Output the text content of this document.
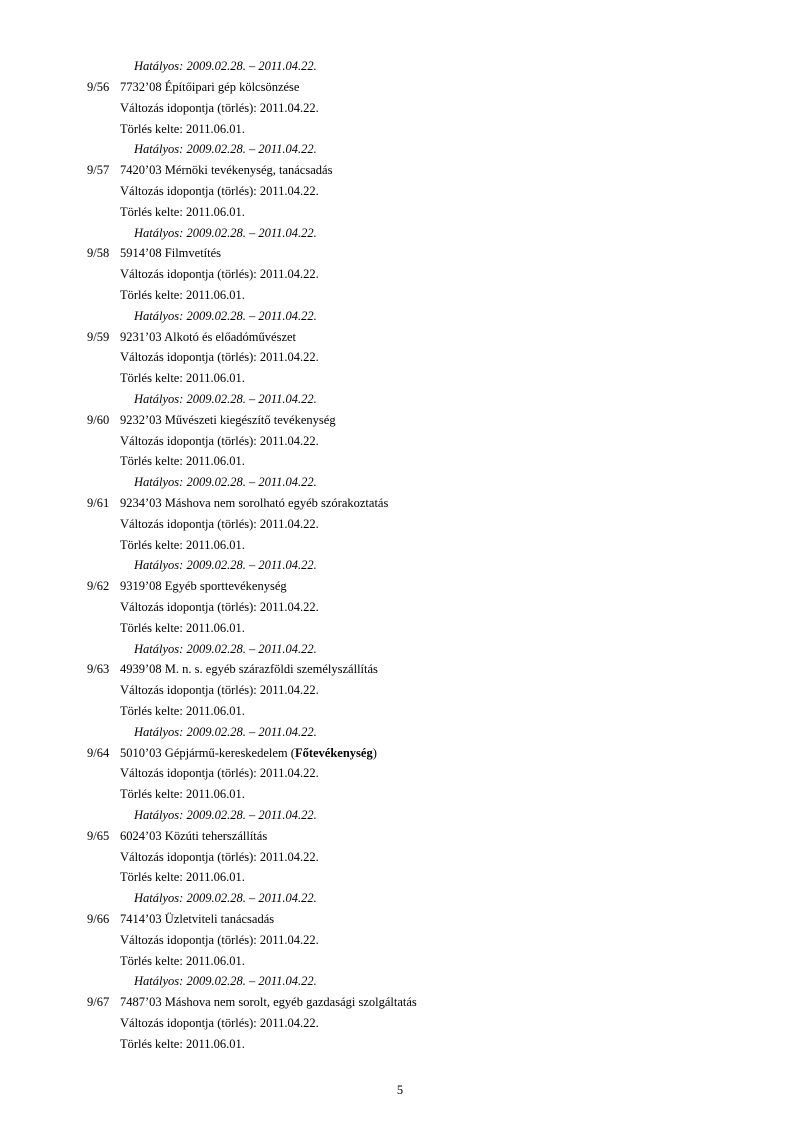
Hatályos: 2009.02.28. – 2011.04.22.
9/56 7732’08 Építőipari gép kölcsönzése
Változás idopontja (törlés): 2011.04.22.
Törlés kelte: 2011.06.01.
Hatályos: 2009.02.28. – 2011.04.22.
9/57 7420’03 Mérnöki tevékenység, tanácsadás
Változás idopontja (törlés): 2011.04.22.
Törlés kelte: 2011.06.01.
Hatályos: 2009.02.28. – 2011.04.22.
9/58 5914’08 Filmvetítés
Változás idopontja (törlés): 2011.04.22.
Törlés kelte: 2011.06.01.
Hatályos: 2009.02.28. – 2011.04.22.
9/59 9231’03 Alkotó és előadóművészet
Változás idopontja (törlés): 2011.04.22.
Törlés kelte: 2011.06.01.
Hatályos: 2009.02.28. – 2011.04.22.
9/60 9232’03 Művészeti kiegészítő tevékenység
Változás idopontja (törlés): 2011.04.22.
Törlés kelte: 2011.06.01.
Hatályos: 2009.02.28. – 2011.04.22.
9/61 9234’03 Máshova nem sorolható egyéb szórakoztatás
Változás idopontja (törlés): 2011.04.22.
Törlés kelte: 2011.06.01.
Hatályos: 2009.02.28. – 2011.04.22.
9/62 9319’08 Egyéb sporttevékenység
Változás idopontja (törlés): 2011.04.22.
Törlés kelte: 2011.06.01.
Hatályos: 2009.02.28. – 2011.04.22.
9/63 4939’08 M. n. s. egyéb szárazföldi személyszállítás
Változás idopontja (törlés): 2011.04.22.
Törlés kelte: 2011.06.01.
Hatályos: 2009.02.28. – 2011.04.22.
9/64 5010’03 Gépjármű-kereskedelem (Főtevékenység)
Változás idopontja (törlés): 2011.04.22.
Törlés kelte: 2011.06.01.
Hatályos: 2009.02.28. – 2011.04.22.
9/65 6024’03 Közúti teherszállítás
Változás idopontja (törlés): 2011.04.22.
Törlés kelte: 2011.06.01.
Hatályos: 2009.02.28. – 2011.04.22.
9/66 7414’03 Üzletviteli tanácsadás
Változás idopontja (törlés): 2011.04.22.
Törlés kelte: 2011.06.01.
Hatályos: 2009.02.28. – 2011.04.22.
9/67 7487’03 Máshova nem sorolt, egyéb gazdasági szolgáltatás
Változás idopontja (törlés): 2011.04.22.
Törlés kelte: 2011.06.01.
5
